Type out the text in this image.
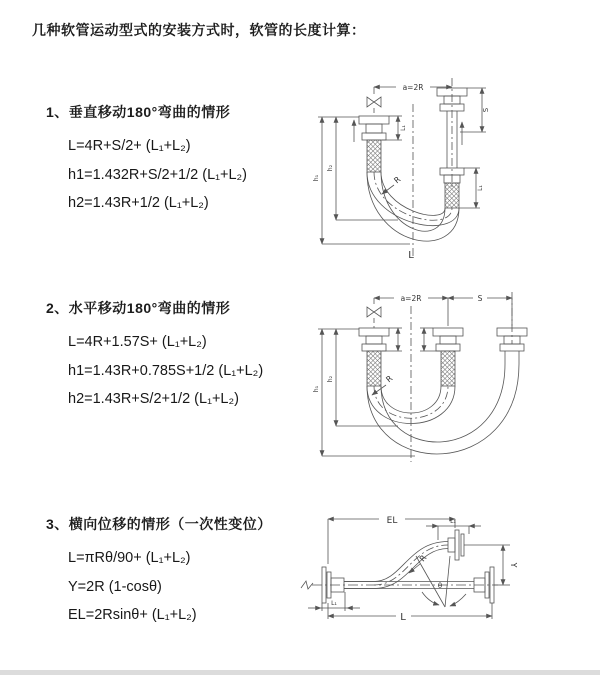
几种软管运动型式的安装方式时，软管的长度计算：
1、垂直移动180°弯曲的情形
L=4R+S/2+ (L₁+L₂)
h1=1.432R+S/2+1/2 (L₁+L₂)
h2=1.43R+1/2 (L₁+L₂)
2、水平移动180°弯曲的情形
L=4R+1.57S+ (L₁+L₂)
h1=1.43R+0.785S+1/2 (L₁+L₂)
h2=1.43R+S/2+1/2 (L₁+L₂)
3、横向位移的情形（一次性变位）
L=πRθ/90+ (L₁+L₂)
Y=2R (1-cosθ)
EL=2Rsinθ+ (L₁+L₂)
a=2R
L₁
S
L₁
R
h₁
h₂
L
a=2R	S
R
h₁
h₂
EL	L₁
Y
θ
R
L₁
L
